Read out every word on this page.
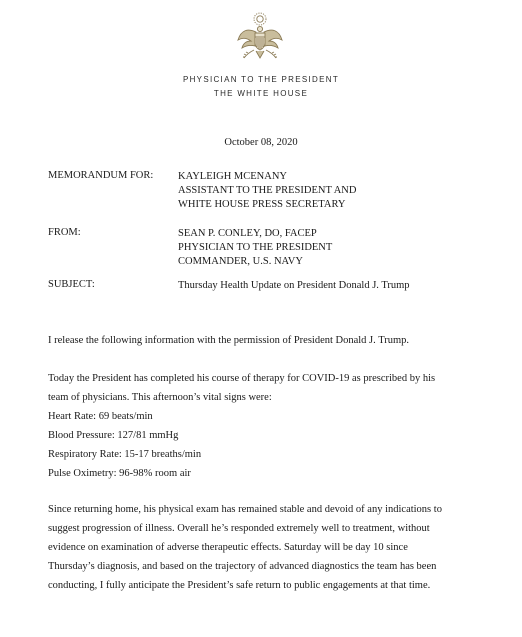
PHYSICIAN TO THE PRESIDENT
THE WHITE HOUSE
October 08, 2020
MEMORANDUM FOR: KAYLEIGH MCENANY
ASSISTANT TO THE PRESIDENT AND
WHITE HOUSE PRESS SECRETARY
FROM:	SEAN P. CONLEY, DO, FACEP
PHYSICIAN TO THE PRESIDENT
COMMANDER, U.S. NAVY
SUBJECT:	Thursday Health Update on President Donald J. Trump
I release the following information with the permission of President Donald J. Trump.
Today the President has completed his course of therapy for COVID-19 as prescribed by his
team of physicians. This afternoon’s vital signs were:
Heart Rate: 69 beats/min
Blood Pressure: 127/81 mmHg
Respiratory Rate: 15-17 breaths/min
Pulse Oximetry: 96-98% room air
Since returning home, his physical exam has remained stable and devoid of any indications to
suggest progression of illness. Overall he’s responded extremely well to treatment, without
evidence on examination of adverse therapeutic effects. Saturday will be day 10 since
Thursday’s diagnosis, and based on the trajectory of advanced diagnostics the team has been
conducting, I fully anticipate the President’s safe return to public engagements at that time.
